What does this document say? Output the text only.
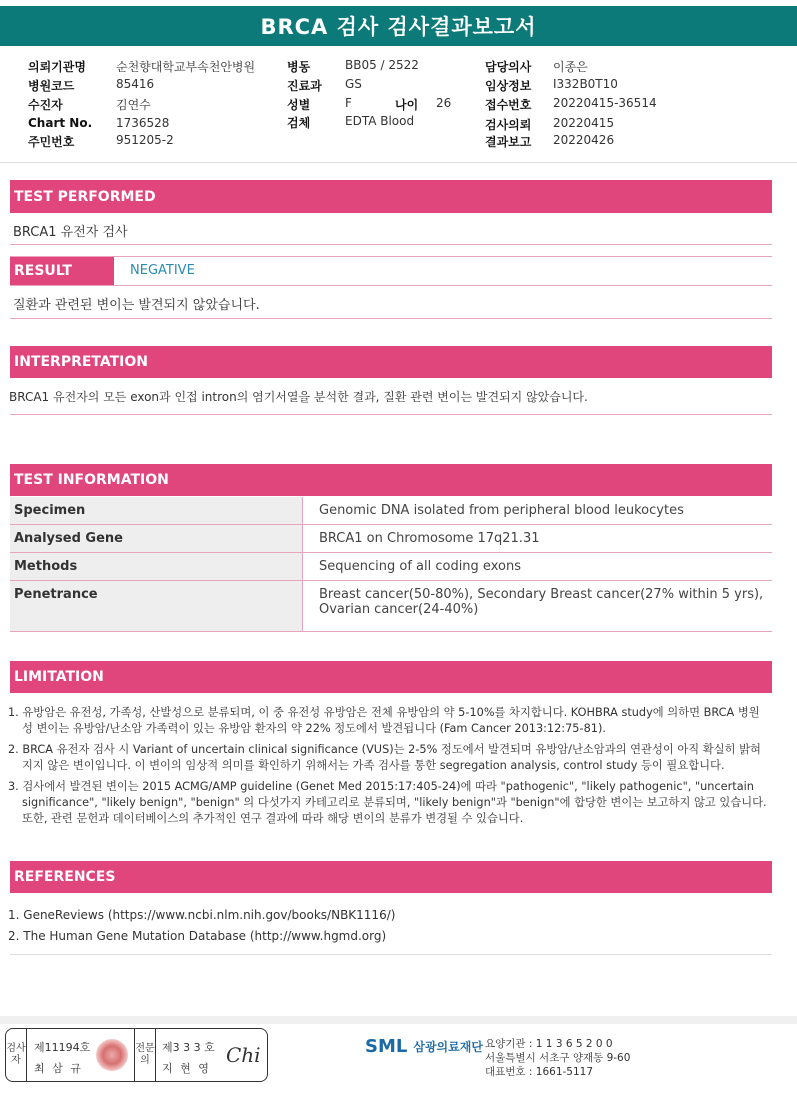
BRCA 검사 검사결과보고서
의뢰기관명	순천향대학교부속천안병원
병원코드	85416
수진자	김연수
Chart No. 1736528
주민번호	951205-2
병동	BB05 / 2522
진료과 GS
성별	F	나이 26
검체	EDTA Blood
담당의사 이종은
임상정보 I332B0T10
접수번호 20220415-36514
검사의뢰 20220415
결과보고 20220426
TEST PERFORMED
BRCA1 유전자 검사
RESULT	NEGATIVE
질환과 관련된 변이는 발견되지 않았습니다.
INTERPRETATION
BRCA1 유전자의 모든 exon과 인접 intron의 염기서열을 분석한 결과, 질환 관련 변이는 발견되지 않았습니다.
TEST INFORMATION
Specimen	Genomic DNA isolated from peripheral blood leukocytes
Analysed Gene	BRCA1 on Chromosome 17q21.31
Methods	Sequencing of all coding exons
Penetrance	Breast cancer(50-80%), Secondary Breast cancer(27% within 5 yrs), Ovarian cancer(24-40%)
LIMITATION

1. 유방암은 유전성, 가족성, 산발성으로 분류되며, 이 중 유전성 유방암은 전체 유방암의 약 5-10%를 차지합니다. KOHBRA study에 의하면 BRCA 병원성 변이는 유방암/난소암 가족력이 있는 유방암 환자의 약 22% 정도에서 발견됩니다 (Fam Cancer 2013:12:75-81).

2. BRCA 유전자 검사 시 Variant of uncertain clinical significance (VUS)는 2-5% 정도에서 발견되며 유방암/난소암과의 연관성이 아직 확실히 밝혀지지 않은 변이입니다. 이 변이의 임상적 의미를 확인하기 위해서는 가족 검사를 통한 segregation analysis, control study 등이 필요합니다.

3. 검사에서 발견된 변이는 2015 ACMG/AMP guideline (Genet Med 2015:17:405-24)에 따라 "pathogenic", "likely pathogenic", "uncertain significance", "likely benign", "benign" 의 다섯가지 카테고리로 분류되며, "likely benign"과 "benign"에 합당한 변이는 보고하지 않고 있습니다. 또한, 관련 문헌과 데이터베이스의 추가적인 연구 결과에 따라 해당 변이의 분류가 변경될 수 있습니다.

REFERENCES

1. GeneReviews (https://www.ncbi.nlm.nih.gov/books/NBK1116/)

2. The Human Gene Mutation Database (http://www.hgmd.org)

검사자
제11194호
최 삼 규
전문의
제3 3 3 호
지 현 영
Chi	SML 삼광의료재단 요양기관 : 1 1 3 6 5 2 0 0
서울특별시 서초구 양재동 9-60
대표번호 : 1661-5117
